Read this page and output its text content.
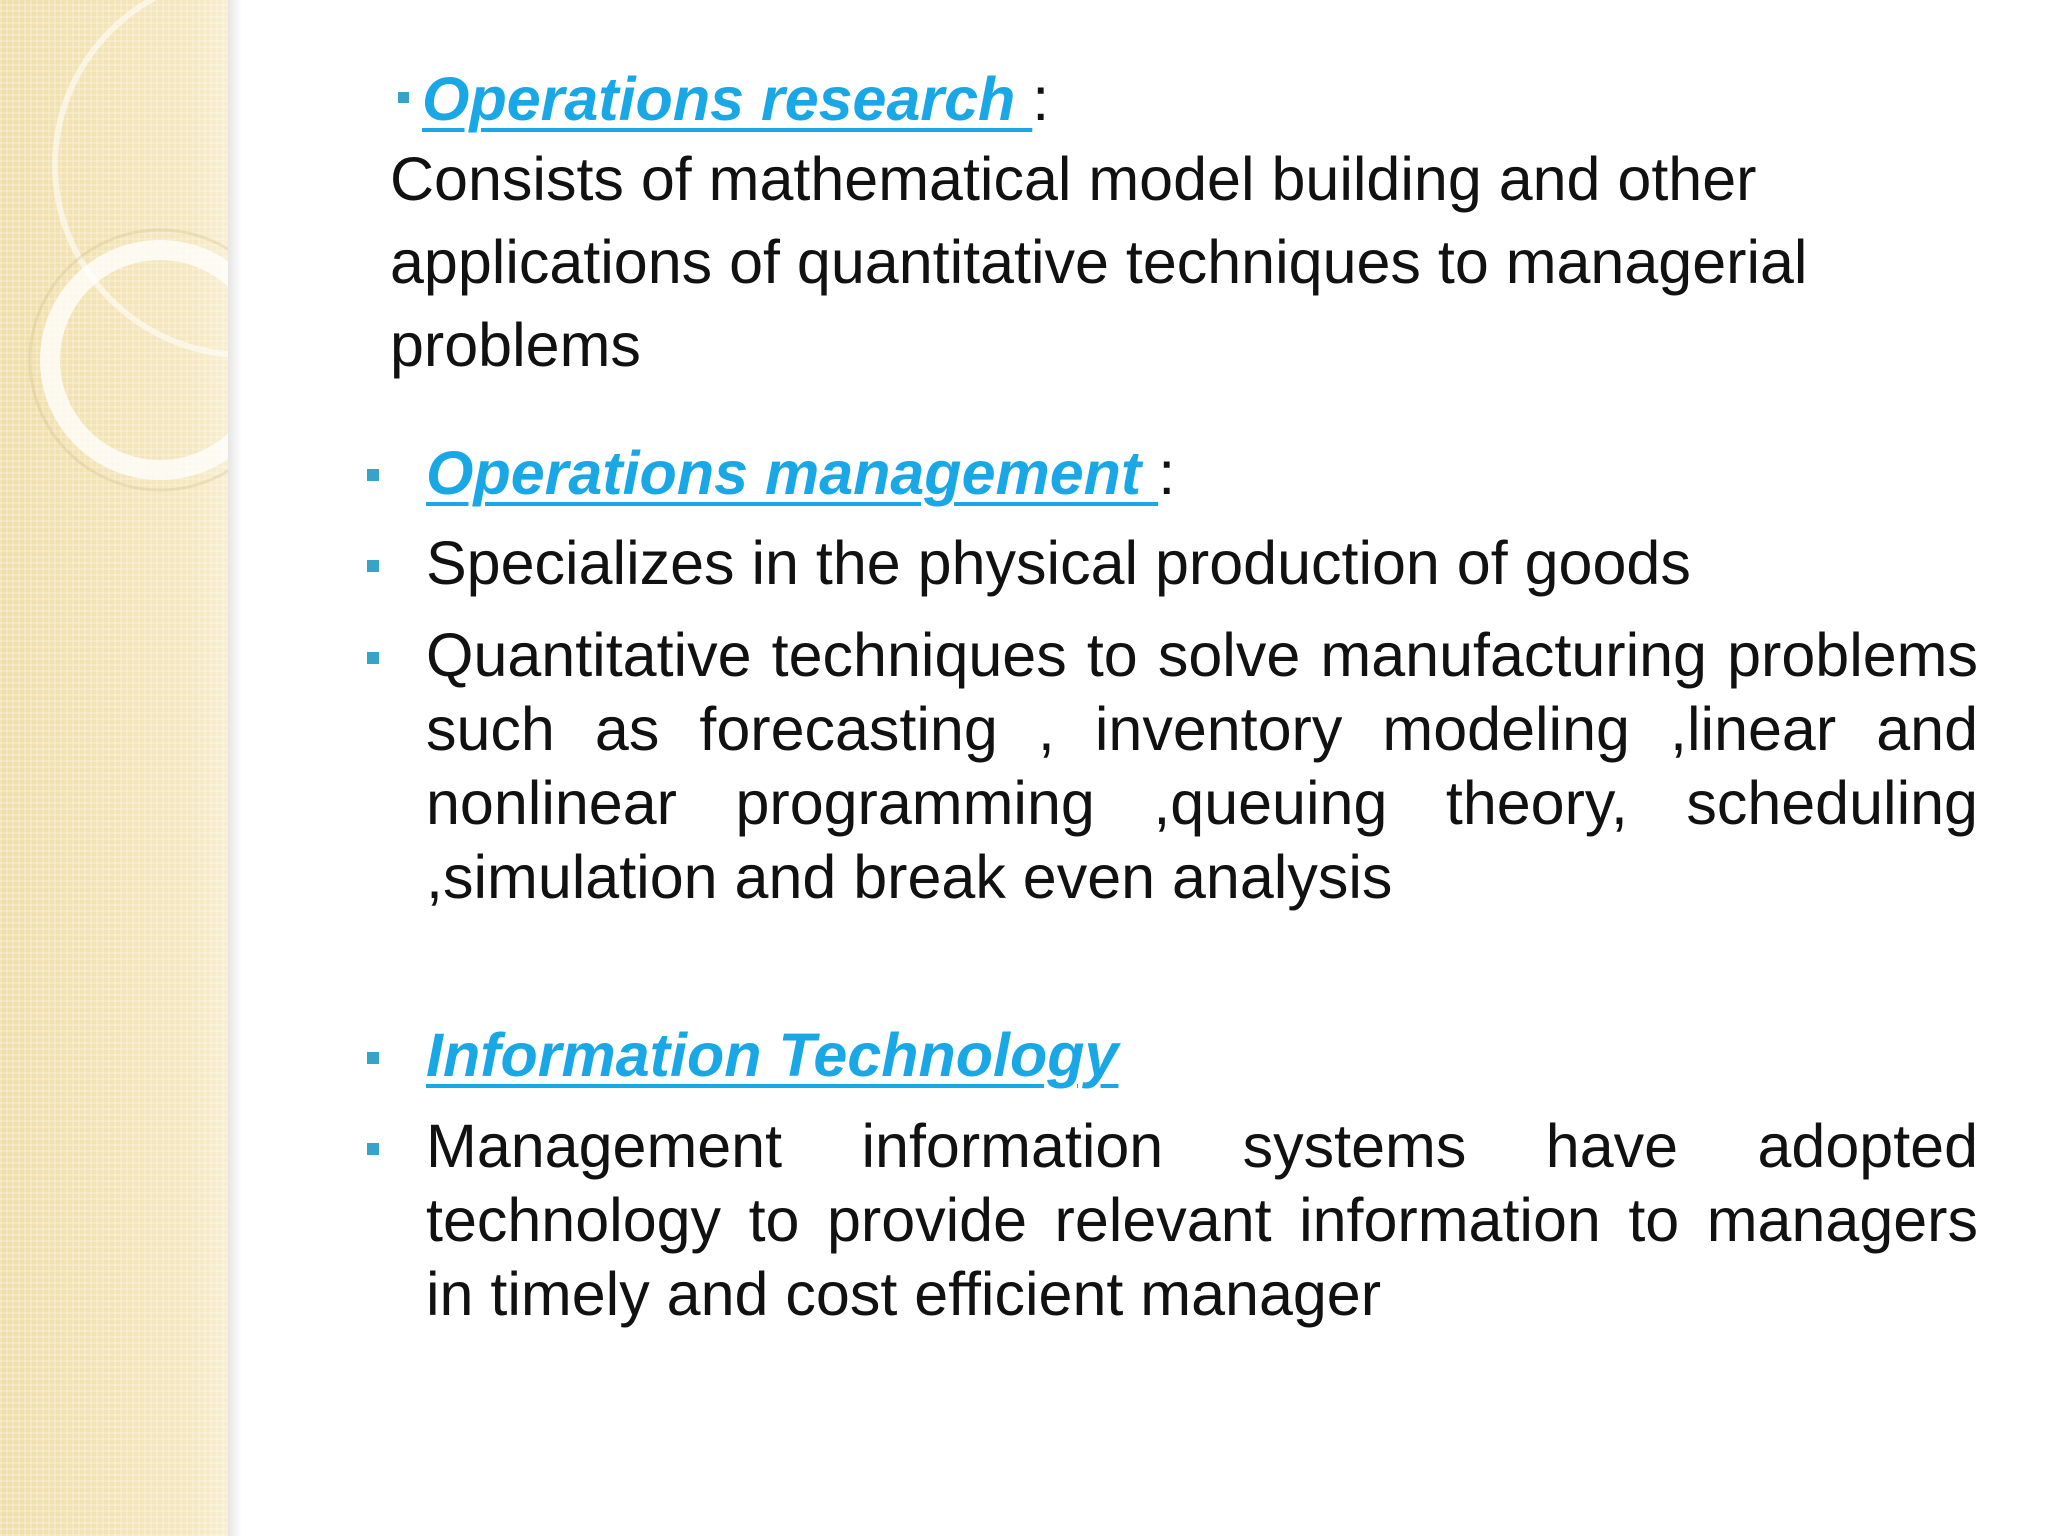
Operations research :
Consists of mathematical model building and other
applications of quantitative techniques to managerial
problems
Operations management :
Specializes in the physical production of goods
Quantitative techniques to solve manufacturing problems such as forecasting , inventory modeling ,linear and nonlinear programming ,queuing theory, scheduling ,simulation and break even analysis
Information Technology
Management information systems have adopted technology to provide relevant information to managers in timely and cost efficient manager
